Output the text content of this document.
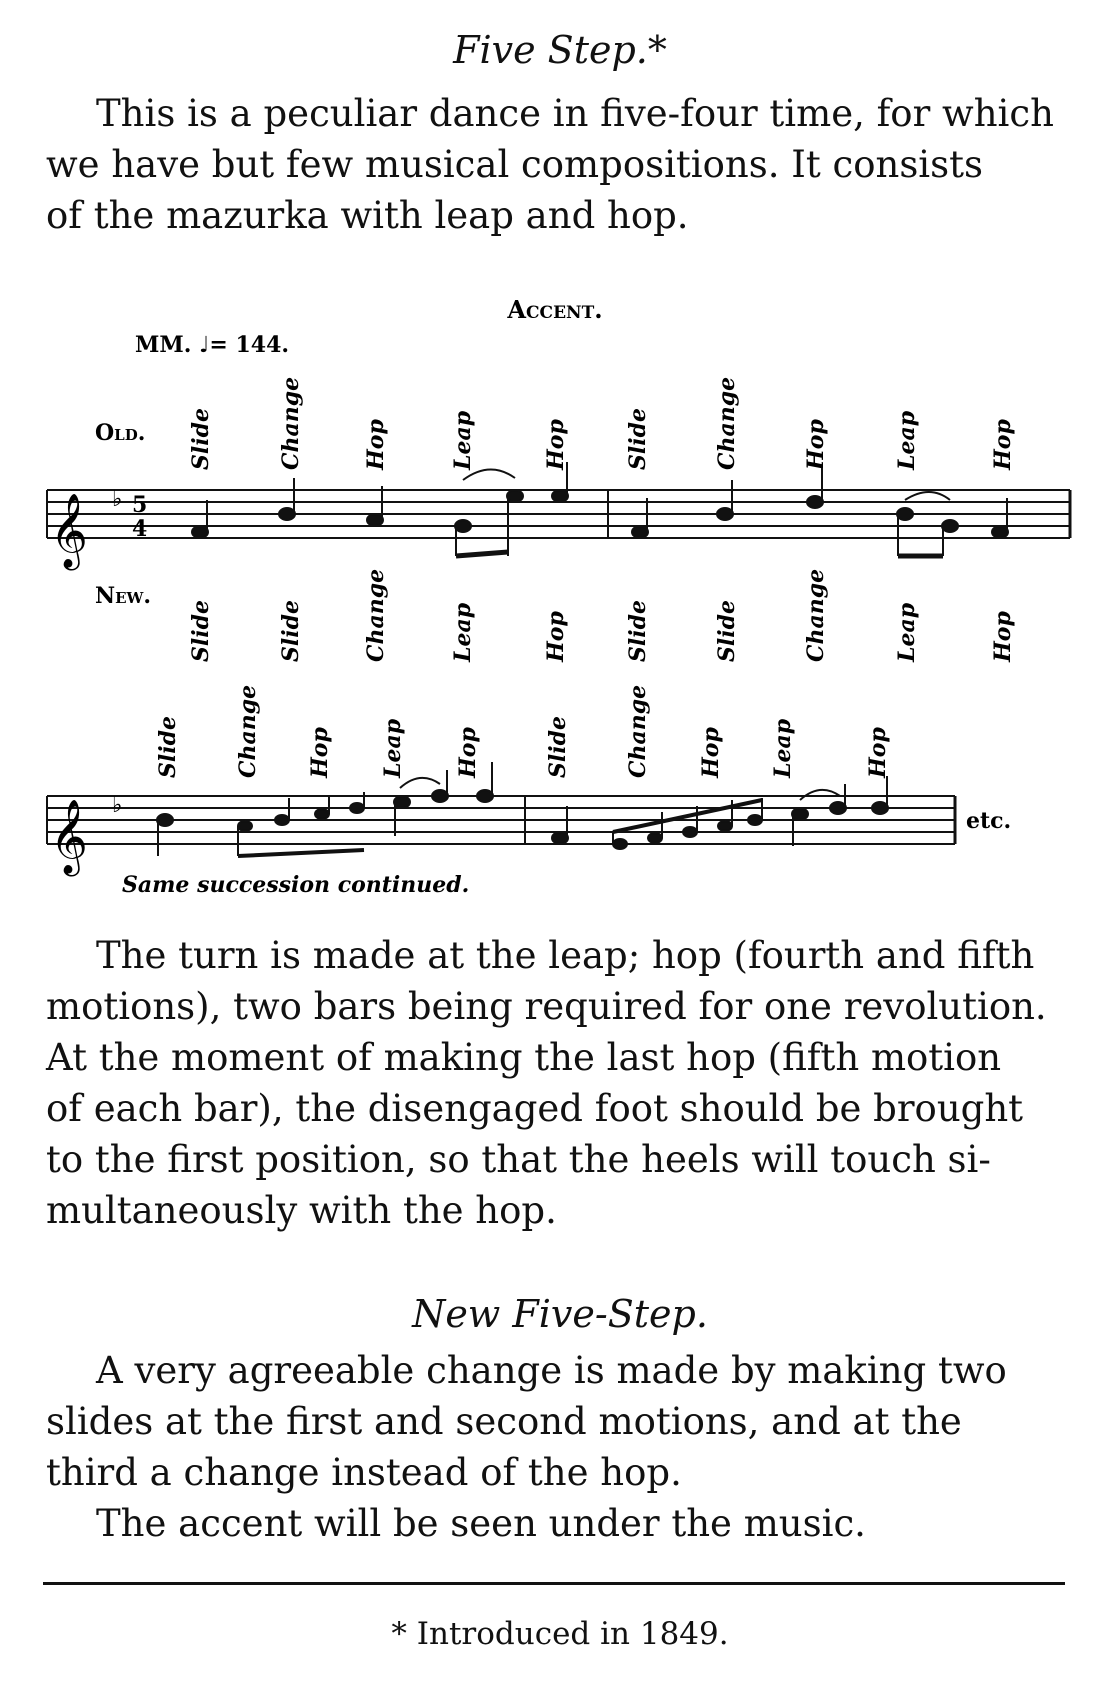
Five Step.*
This is a peculiar dance in five-four time, for which
we have but few musical compositions. It consists
of the mazurka with leap and hop.
Accent.
MM. ♩= 144.
Old.
New.
Slide	Change	Hop	Leap	Hop	Slide	Change	Hop	Leap	Hop
𝄞 ♭ 5
4
Slide	Slide	Change	Leap	Hop	Slide	Slide	Change	Leap	Hop
Slide Change Hop Leap Hop	Slide Change Hop Leap	Hop
𝄞 ♭
etc.
Same succession continued.
The turn is made at the leap; hop (fourth and fifth
motions), two bars being required for one revolution.
At the moment of making the last hop (fifth motion
of each bar), the disengaged foot should be brought
to the first position, so that the heels will touch si-
multaneously with the hop.
New Five-Step.
A very agreeable change is made by making two
slides at the first and second motions, and at the
third a change instead of the hop.
The accent will be seen under the music.
* Introduced in 1849.
